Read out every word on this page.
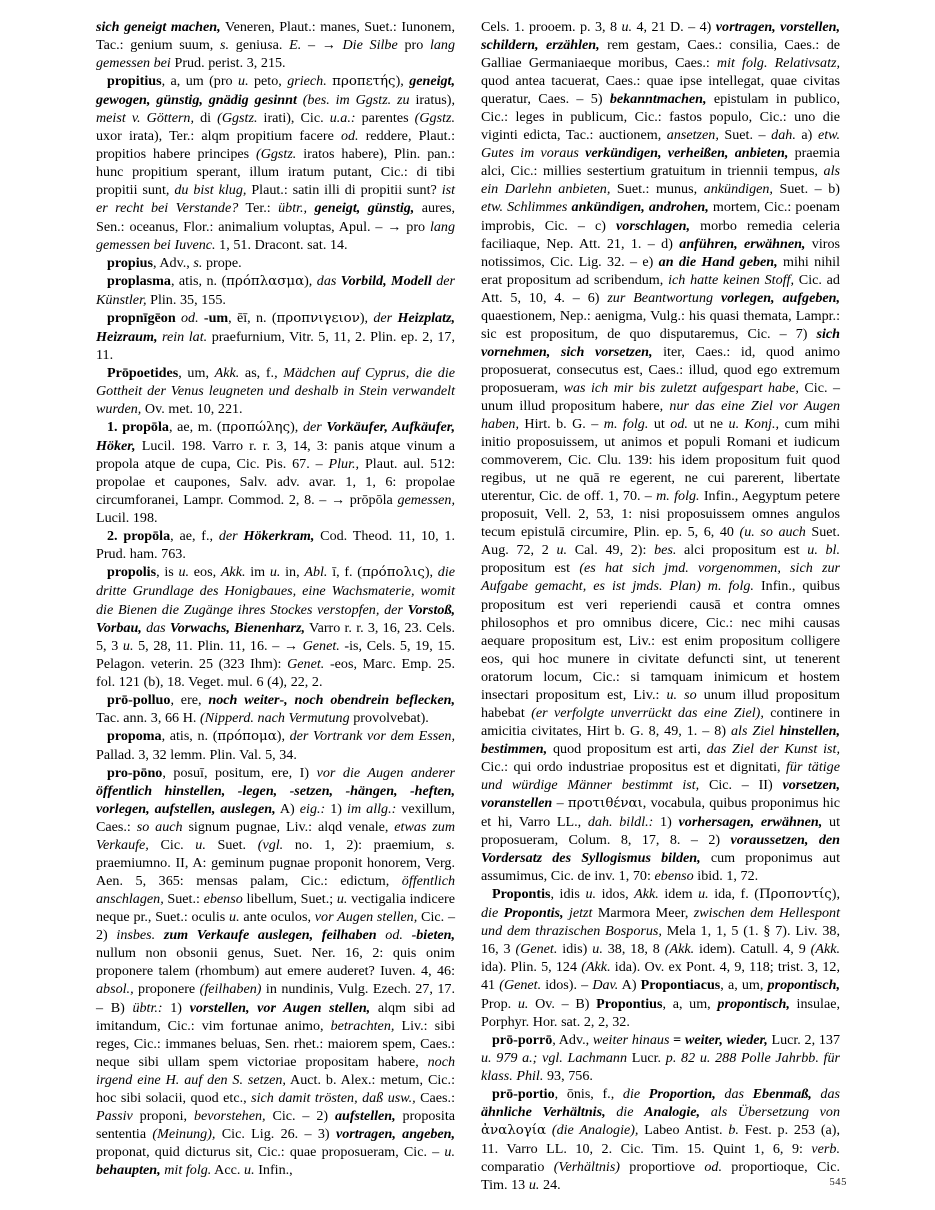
sich geneigt machen, Veneren, Plaut.: manes, Suet.: Iunonem, Tac.: genium suum, s. geniusa. E. – → Die Silbe pro lang gemessen bei Prud. perist. 3, 215.

propitius, a, um (pro u. peto, griech. προπετής), geneigt, gewogen, günstig, gnädig gesinnt (bes. im Ggstz. zu iratus), meist v. Göttern, di (Ggstz. irati), Cic. u.a.: parentes (Ggstz. uxor irata), Ter.: alqm propitium facere od. reddere, Plaut.: propitios habere principes (Ggstz. iratos habere), Plin. pan.: hunc propitium sperant, illum iratum putant, Cic.: di tibi propitii sunt, du bist klug, Plaut.: satin illi di propitii sunt? ist er recht bei Verstande? Ter.: übtr., geneigt, günstig, aures, Sen.: oceanus, Flor.: animalium voluptas, Apul. – → pro lang gemessen bei Iuvenc. 1, 51. Dracont. sat. 14.

propius, Adv., s. prope.

proplasma, atis, n. (πρόπλασμα), das Vorbild, Modell der Künstler, Plin. 35, 155.

propnīgēon od. -um, ēī, n. (προπνιγειον), der Heizplatz, Heizraum, rein lat. praefurnium, Vitr. 5, 11, 2. Plin. ep. 2, 17, 11.

Prōpoetides, um, Akk. as, f., Mädchen auf Cyprus, die die Gottheit der Venus leugneten und deshalb in Stein verwandelt wurden, Ov. met. 10, 221.

1. propōla, ae, m. (προπώλης), der Vorkäufer, Aufkäufer, Höker, Lucil. 198. Varro r. r. 3, 14, 3: panis atque vinum a propola atque de cupa, Cic. Pis. 67. – Plur., Plaut. aul. 512: propolae et caupones, Salv. adv. avar. 1, 1, 6: propolae circumforanei, Lampr. Commod. 2, 8. – → prōpōla gemessen, Lucil. 198.

2. propōla, ae, f., der Hökerkram, Cod. Theod. 11, 10, 1. Prud. ham. 763.

propolis, is u. eos, Akk. im u. in, Abl. ī, f. (πρόπολις), die dritte Grundlage des Honigbaues, eine Wachsmaterie, womit die Bienen die Zugänge ihres Stockes verstopfen, der Vorstoß, Vorbau, das Vorwachs, Bienenharz, Varro r. r. 3, 16, 23. Cels. 5, 3 u. 5, 28, 11. Plin. 11, 16. – → Genet. -is, Cels. 5, 19, 15. Pelagon. veterin. 25 (323 Ihm): Genet. -eos, Marc. Emp. 25. fol. 121 (b), 18. Veget. mul. 6 (4), 22, 2.

prō-polluo, ere, noch weiter-, noch obendrein beflecken, Tac. ann. 3, 66 H. (Nipperd. nach Vermutung provolvebat).

propoma, atis, n. (πρόπομα), der Vortrank vor dem Essen, Pallad. 3, 32 lemm. Plin. Val. 5, 34.

pro-pōno, posuī, positum, ere, I) vor die Augen anderer öffentlich hinstellen, -legen, -setzen, -hängen, -heften, vorlegen, aufstellen, auslegen, A) eig.: 1) im allg.: vexillum, Caes.: so auch signum pugnae, Liv.: alqd venale, etwas zum Verkaufe, Cic. u. Suet. (vgl. no. 1, 2): praemium, s. praemiumno. II, A: geminum pugnae proponit honorem, Verg. Aen. 5, 365: mensas palam, Cic.: edictum, öffentlich anschlagen, Suet.: ebenso libellum, Suet.; u. vectigalia indicere neque pr., Suet.: oculis u. ante oculos, vor Augen stellen, Cic. – 2) insbes. zum Verkaufe auslegen, feilhaben od. -bieten, nullum non obsonii genus, Suet. Ner. 16, 2: quis onim proponere talem (rhombum) aut emere auderet? Iuven. 4, 46: absol., proponere (feilhaben) in nundinis, Vulg. Ezech. 27, 17. – B) übtr.: 1) vorstellen, vor Augen stellen, alqm sibi ad imitandum, Cic.: vim fortunae animo, betrachten, Liv.: sibi reges, Cic.: immanes beluas, Sen. rhet.: maiorem spem, Caes.: neque sibi ullam spem victoriae propositam habere, noch irgend eine H. auf den S. setzen, Auct. b. Alex.: metum, Cic.: hoc sibi solacii, quod etc., sich damit trösten, daß usw., Caes.: Passiv proponi, bevorstehen, Cic. – 2) aufstellen, proposita sententia (Meinung), Cic. Lig. 26. – 3) vortragen, angeben, proponat, quid dicturus sit, Cic.: quae proposueram, Cic. – u. behaupten, mit folg. Acc. u. Infin.,

Cels. 1. prooem. p. 3, 8 u. 4, 21 D. – 4) vortragen, vorstellen, schildern, erzählen, rem gestam, Caes.: consilia, Caes.: de Galliae Germaniaeque moribus, Caes.: mit folg. Relativsatz, quod antea tacuerat, Caes.: quae ipse intellegat, quae civitas queratur, Caes. – 5) bekanntmachen, epistulam in publico, Cic.: leges in publicum, Cic.: fastos populo, Cic.: uno die viginti edicta, Tac.: auctionem, ansetzen, Suet. – dah. a) etw. Gutes im voraus verkündigen, verheißen, anbieten, praemia alci, Cic.: millies sestertium gratuitum in triennii tempus, als ein Darlehn anbieten, Suet.: munus, ankündigen, Suet. – b) etw. Schlimmes ankündigen, androhen, mortem, Cic.: poenam improbis, Cic. – c) vorschlagen, morbo remedia celeria faciliaque, Nep. Att. 21, 1. – d) anführen, erwähnen, viros notissimos, Cic. Lig. 32. – e) an die Hand geben, mihi nihil erat propositum ad scribendum, ich hatte keinen Stoff, Cic. ad Att. 5, 10, 4. – 6) zur Beantwortung vorlegen, aufgeben, quaestionem, Nep.: aenigma, Vulg.: his quasi themata, Lampr.: sic est propositum, de quo disputaremus, Cic. – 7) sich vornehmen, sich vorsetzen, iter, Caes.: id, quod animo proposuerat, consecutus est, Caes.: illud, quod ego extremum proposueram, was ich mir bis zuletzt aufgespart habe, Cic. – unum illud propositum habere, nur das eine Ziel vor Augen haben, Hirt. b. G. – m. folg. ut od. ut ne u. Konj., cum mihi initio proposuissem, ut animos et populi Romani et iudicum commoverem, Cic. Clu. 139: his idem propositum fuit quod regibus, ut ne quā re egerent, ne cui parerent, libertate uterentur, Cic. de off. 1, 70. – m. folg. Infin., Aegyptum petere proposuit, Vell. 2, 53, 1: nisi proposuissem omnes angulos tecum epistulā circumire, Plin. ep. 5, 6, 40 (u. so auch Suet. Aug. 72, 2 u. Cal. 49, 2): bes. alci propositum est u. bl. propositum est (es hat sich jmd. vorgenommen, sich zur Aufgabe gemacht, es ist jmds. Plan) m. folg. Infin., quibus propositum est veri reperiendi causā et contra omnes philosophos et pro omnibus dicere, Cic.: nec mihi causas aequare propositum est, Liv.: est enim propositum colligere eos, qui hoc munere in civitate defuncti sint, ut tenerent oratorum locum, Cic.: si tamquam inimicum et hostem insectari propositum est, Liv.: u. so unum illud propositum habebat (er verfolgte unverrückt das eine Ziel), continere in amicitia civitates, Hirt b. G. 8, 49, 1. – 8) als Ziel hinstellen, bestimmen, quod propositum est arti, das Ziel der Kunst ist, Cic.: qui ordo industriae propositus est et dignitati, für tätige und würdige Männer bestimmt ist, Cic. – II) vorsetzen, voranstellen – προτιθέναι, vocabula, quibus proponimus hic et hi, Varro LL., dah. bildl.: 1) vorhersagen, erwähnen, ut proposueram, Colum. 8, 17, 8. – 2) voraussetzen, den Vordersatz des Syllogismus bilden, cum proponimus aut assumimus, Cic. de inv. 1, 70: ebenso ibid. 1, 72.

Propontis, idis u. idos, Akk. idem u. ida, f. (Προποντίς), die Propontis, jetzt Marmora Meer, zwischen dem Hellespont und dem thrazischen Bosporus, Mela 1, 1, 5 (1. § 7). Liv. 38, 16, 3 (Genet. idis) u. 38, 18, 8 (Akk. idem). Catull. 4, 9 (Akk. ida). Plin. 5, 124 (Akk. ida). Ov. ex Pont. 4, 9, 118; trist. 3, 12, 41 (Genet. idos). – Dav. A) Propontiacus, a, um, propontisch, Prop. u. Ov. – B) Propontius, a, um, propontisch, insulae, Porphyr. Hor. sat. 2, 2, 32.

prō-porrō, Adv., weiter hinaus = weiter, wieder, Lucr. 2, 137 u. 979 a.; vgl. Lachmann Lucr. p. 82 u. 288 Polle Jahrbb. für klass. Phil. 93, 756.

prō-portio, ōnis, f., die Proportion, das Ebenmaß, das ähnliche Verhältnis, die Analogie, als Übersetzung von ἀναλογία (die Analogie), Labeo Antist. b. Fest. p. 253 (a), 11. Varro LL. 10, 2. Cic. Tim. 15. Quint 1, 6, 9: verb. comparatio (Verhältnis) proportiove od. proportioque, Cic. Tim. 13 u. 24.	545
